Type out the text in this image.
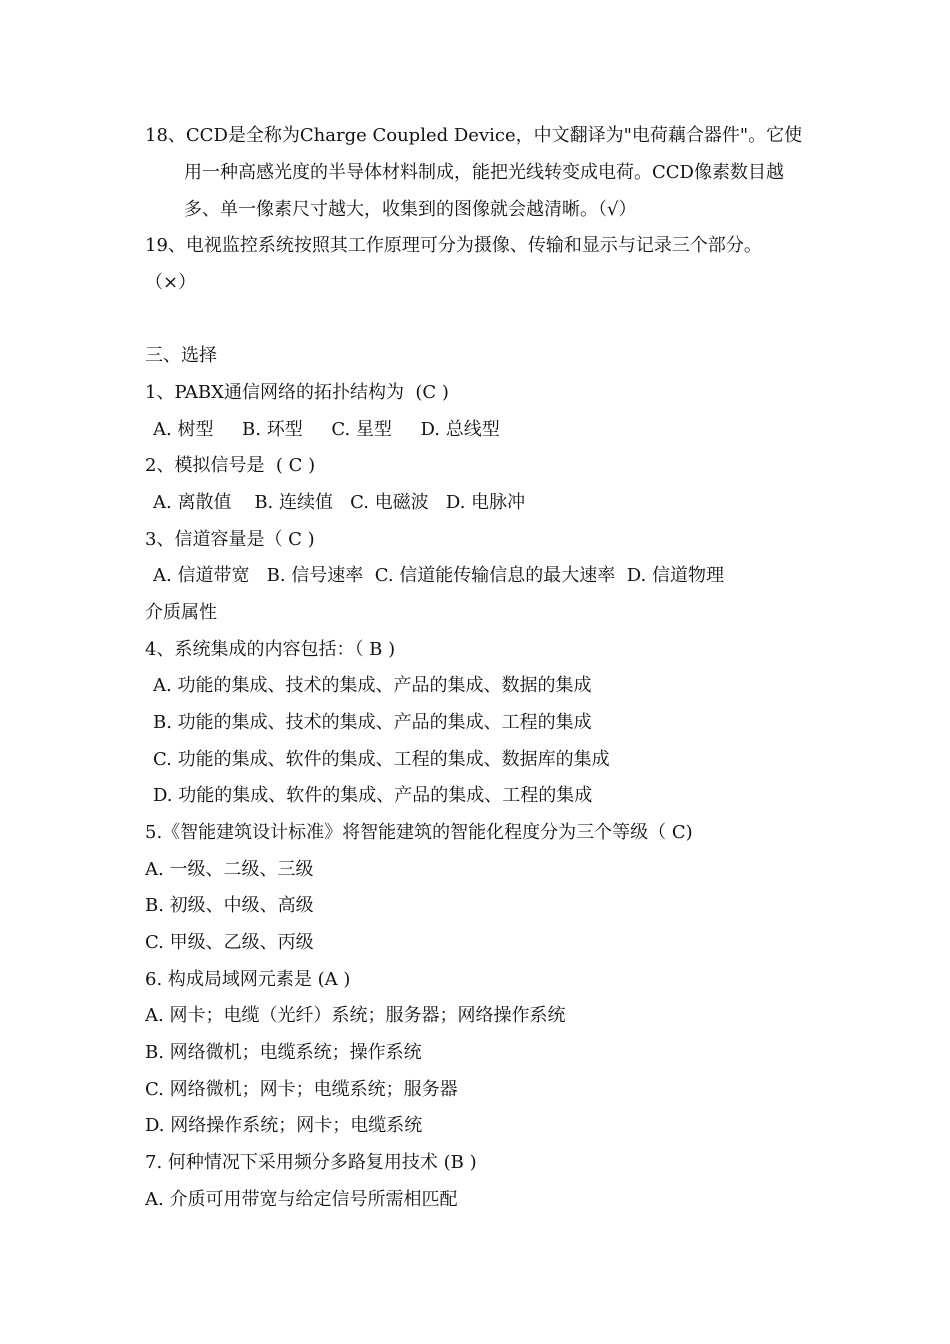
18、CCD是全称为Charge Coupled Device，中文翻译为"电荷藕合器件"。它使

用一种高感光度的半导体材料制成，能把光线转变成电荷。CCD像素数目越

多、单一像素尺寸越大，收集到的图像就会越清晰。（√）

19、电视监控系统按照其工作原理可分为摄像、传输和显示与记录三个部分。

（×）

三、选择

1、PABX通信网络的拓扑结构为  (C )

A. 树型     B. 环型     C. 星型     D. 总线型

2、模拟信号是  ( C )

A. 离散值    B. 连续值   C. 电磁波   D. 电脉冲

3、信道容量是（ C )

A. 信道带宽   B. 信号速率  C. 信道能传输信息的最大速率  D. 信道物理

介质属性

4、系统集成的内容包括：（ B )

A. 功能的集成、技术的集成、产品的集成、数据的集成

B. 功能的集成、技术的集成、产品的集成、工程的集成

C. 功能的集成、软件的集成、工程的集成、数据库的集成

D. 功能的集成、软件的集成、产品的集成、工程的集成

5.《智能建筑设计标准》将智能建筑的智能化程度分为三个等级（ C)

A. 一级、二级、三级

B. 初级、中级、高级

C. 甲级、乙级、丙级

6. 构成局域网元素是 (A )

A. 网卡；电缆（光纤）系统；服务器；网络操作系统

B. 网络微机；电缆系统；操作系统

C. 网络微机；网卡；电缆系统；服务器

D. 网络操作系统；网卡；电缆系统

7. 何种情况下采用频分多路复用技术 (B )

A. 介质可用带宽与给定信号所需相匹配
